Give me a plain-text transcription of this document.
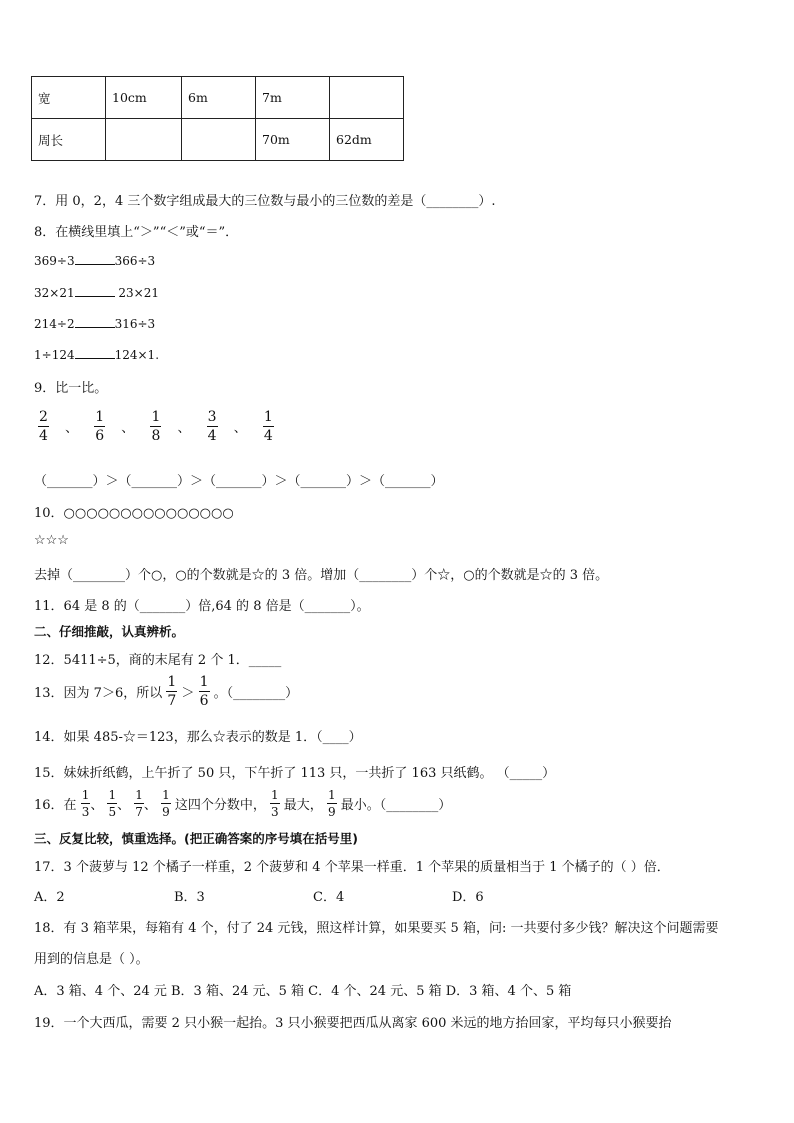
宽	10cm	6m	7m	
周长			70m	62dm
7．用 0，2，4 三个数字组成最大的三位数与最小的三位数的差是（________）.
8．在横线里填上“＞”“＜”或“＝”．
369÷3	366÷3
32×21	23×21
214÷2	316÷3
1÷124	124×1.
9．比一比。
$\frac{2}{4}$ 、 $\frac{1}{6}$ 、 $\frac{1}{8}$ 、 $\frac{3}{4}$ 、 $\frac{1}{4}$
（_______）＞（_______）＞（_______）＞（_______）＞（_______）
10．○○○○○○○○○○○○○○○
☆☆☆
去掉（________）个○，○的个数就是☆的 3 倍。增加（________）个☆，○的个数就是☆的 3 倍。
11．64 是 8 的（_______）倍,64 的 8 倍是（_______）。
二、仔细推敲，认真辨析。
12．5411÷5，商的末尾有 2 个 1．_____
13．因为 7＞6，所以 $\frac{1}{7} > \frac{1}{6}$ 。（________）
14．如果 485-☆＝123，那么☆表示的数是 1．（____）
15．妹妹折纸鹤，上午折了 50 只，下午折了 113 只，一共折了 163 只纸鹤。 （_____）
16．在 $\frac{1}{3}$ 、 $\frac{1}{5}$ 、 $\frac{1}{7}$ 、 $\frac{1}{9}$ 这四个分数中， $\frac{1}{3}$ 最大， $\frac{1}{9}$ 最小。（________）
三、反复比较，慎重选择。(把正确答案的序号填在括号里)
17．3 个菠萝与 12 个橘子一样重，2 个菠萝和 4 个苹果一样重．1 个苹果的质量相当于 1 个橘子的（ ）倍．
A．2	B．3	C．4	D．6
18．有 3 箱苹果，每箱有 4 个，付了 24 元钱，照这样计算，如果要买 5 箱，问: 一共要付多少钱？解决这个问题需要
用到的信息是（ ）。
A．3 箱、4 个、24 元 B．3 箱、24 元、5 箱 C．4 个、24 元、5 箱 D．3 箱、4 个、5 箱
19．一个大西瓜，需要 2 只小猴一起抬。3 只小猴要把西瓜从离家 600 米远的地方抬回家，平均每只小猴要抬
